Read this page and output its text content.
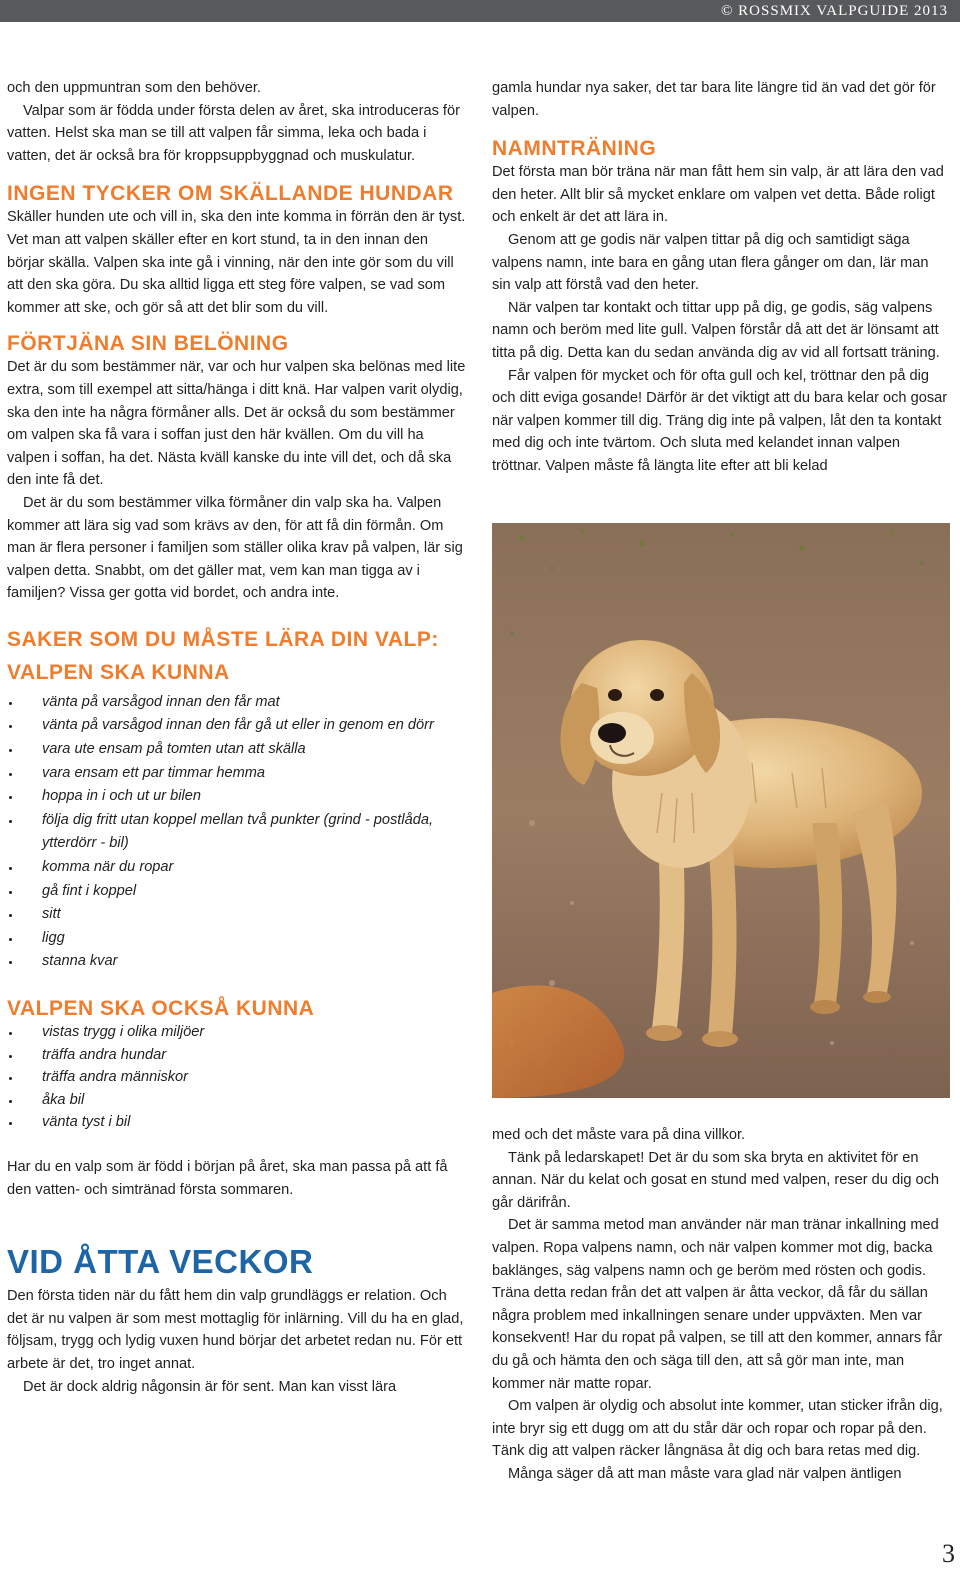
© ROSSMIX VALPGUIDE 2013

och den uppmuntran som den behöver.

Valpar som är födda under första delen av året, ska introduceras för vatten. Helst ska man se till att valpen får simma, leka och bada i vatten, det är också bra för kroppsuppbyggnad och muskulatur.

INGEN TYCKER OM SKÄLLANDE HUNDAR

Skäller hunden ute och vill in, ska den inte komma in förrän den är tyst. Vet man att valpen skäller efter en kort stund, ta in den innan den börjar skälla. Valpen ska inte gå i vinning, när den inte gör som du vill att den ska göra. Du ska alltid ligga ett steg före valpen, se vad som kommer att ske, och gör så att det blir som du vill.

FÖRTJÄNA SIN BELÖNING

Det är du som bestämmer när, var och hur valpen ska belönas med lite extra, som till exempel att sitta/hänga i ditt knä. Har valpen varit olydig, ska den inte ha några förmåner alls. Det är också du som bestämmer om valpen ska få vara i soffan just den här kvällen. Om du vill ha valpen i soffan, ha det. Nästa kväll kanske du inte vill det, och då ska den inte få det.

Det är du som bestämmer vilka förmåner din valp ska ha. Valpen kommer att lära sig vad som krävs av den, för att få din förmån. Om man är flera personer i familjen som ställer olika krav på valpen, lär sig valpen detta. Snabbt, om det gäller mat, vem kan man tigga av i familjen? Vissa ger gotta vid bordet, och andra inte.

SAKER SOM DU MÅSTE LÄRA DIN VALP:
VALPEN SKA KUNNA
vänta på varsågod innan den får mat
vänta på varsågod innan den får gå ut eller in genom en dörr
vara ute ensam på tomten utan att skälla
vara ensam ett par timmar hemma
hoppa in i och ut ur bilen
följa dig fritt utan koppel mellan två punkter (grind - postlåda, ytterdörr - bil)
komma när du ropar
gå fint i koppel
sitt
ligg
stanna kvar
VALPEN SKA OCKSÅ KUNNA
vistas trygg i olika miljöer
träffa andra hundar
träffa andra människor
åka bil
vänta tyst i bil

Har du en valp som är född i början på året, ska man passa på att få den vatten- och simtränad första sommaren.

VID ÅTTA VECKOR

Den första tiden när du fått hem din valp grundläggs er relation. Och det är nu valpen är som mest mottaglig för inlärning. Vill du ha en glad, följsam, trygg och lydig vuxen hund börjar det arbetet redan nu. För ett arbete är det, tro inget annat.

Det är dock aldrig någonsin är för sent. Man kan visst lära

gamla hundar nya saker, det tar bara lite längre tid än vad det gör för valpen.

NAMNTRÄNING

Det första man bör träna när man fått hem sin valp, är att lära den vad den heter. Allt blir så mycket enklare om valpen vet detta. Både roligt och enkelt är det att lära in.

Genom att ge godis när valpen tittar på dig och samtidigt säga valpens namn, inte bara en gång utan flera gånger om dan, lär man sin valp att förstå vad den heter.

När valpen tar kontakt och tittar upp på dig, ge godis, säg valpens namn och beröm med lite gull. Valpen förstår då att det är lönsamt att titta på dig. Detta kan du sedan använda dig av vid all fortsatt träning.

Får valpen för mycket och för ofta gull och kel, tröttnar den på dig och ditt eviga gosande! Därför är det viktigt att du bara kelar och gosar när valpen kommer till dig. Träng dig inte på valpen, låt den ta kontakt med dig och inte tvärtom. Och sluta med kelandet innan valpen tröttnar. Valpen måste få längta lite efter att bli kelad

med och det måste vara på dina villkor.

Tänk på ledarskapet! Det är du som ska bryta en aktivitet för en annan. När du kelat och gosat en stund med valpen, reser du dig och går därifrån.

Det är samma metod man använder när man tränar inkallning med valpen. Ropa valpens namn, och när valpen kommer mot dig, backa baklänges, säg valpens namn och ge beröm med rösten och godis. Träna detta redan från det att valpen är åtta veckor, då får du sällan några problem med inkallningen senare under uppväxten. Men var konsekvent! Har du ropat på valpen, se till att den kommer, annars får du gå och hämta den och säga till den, att så gör man inte, man kommer när matte ropar.

Om valpen är olydig och absolut inte kommer, utan sticker ifrån dig, inte bryr sig ett dugg om att du står där och ropar och ropar på den. Tänk dig att valpen räcker långnäsa åt dig och bara retas med dig.

Många säger då att man måste vara glad när valpen äntligen

3
